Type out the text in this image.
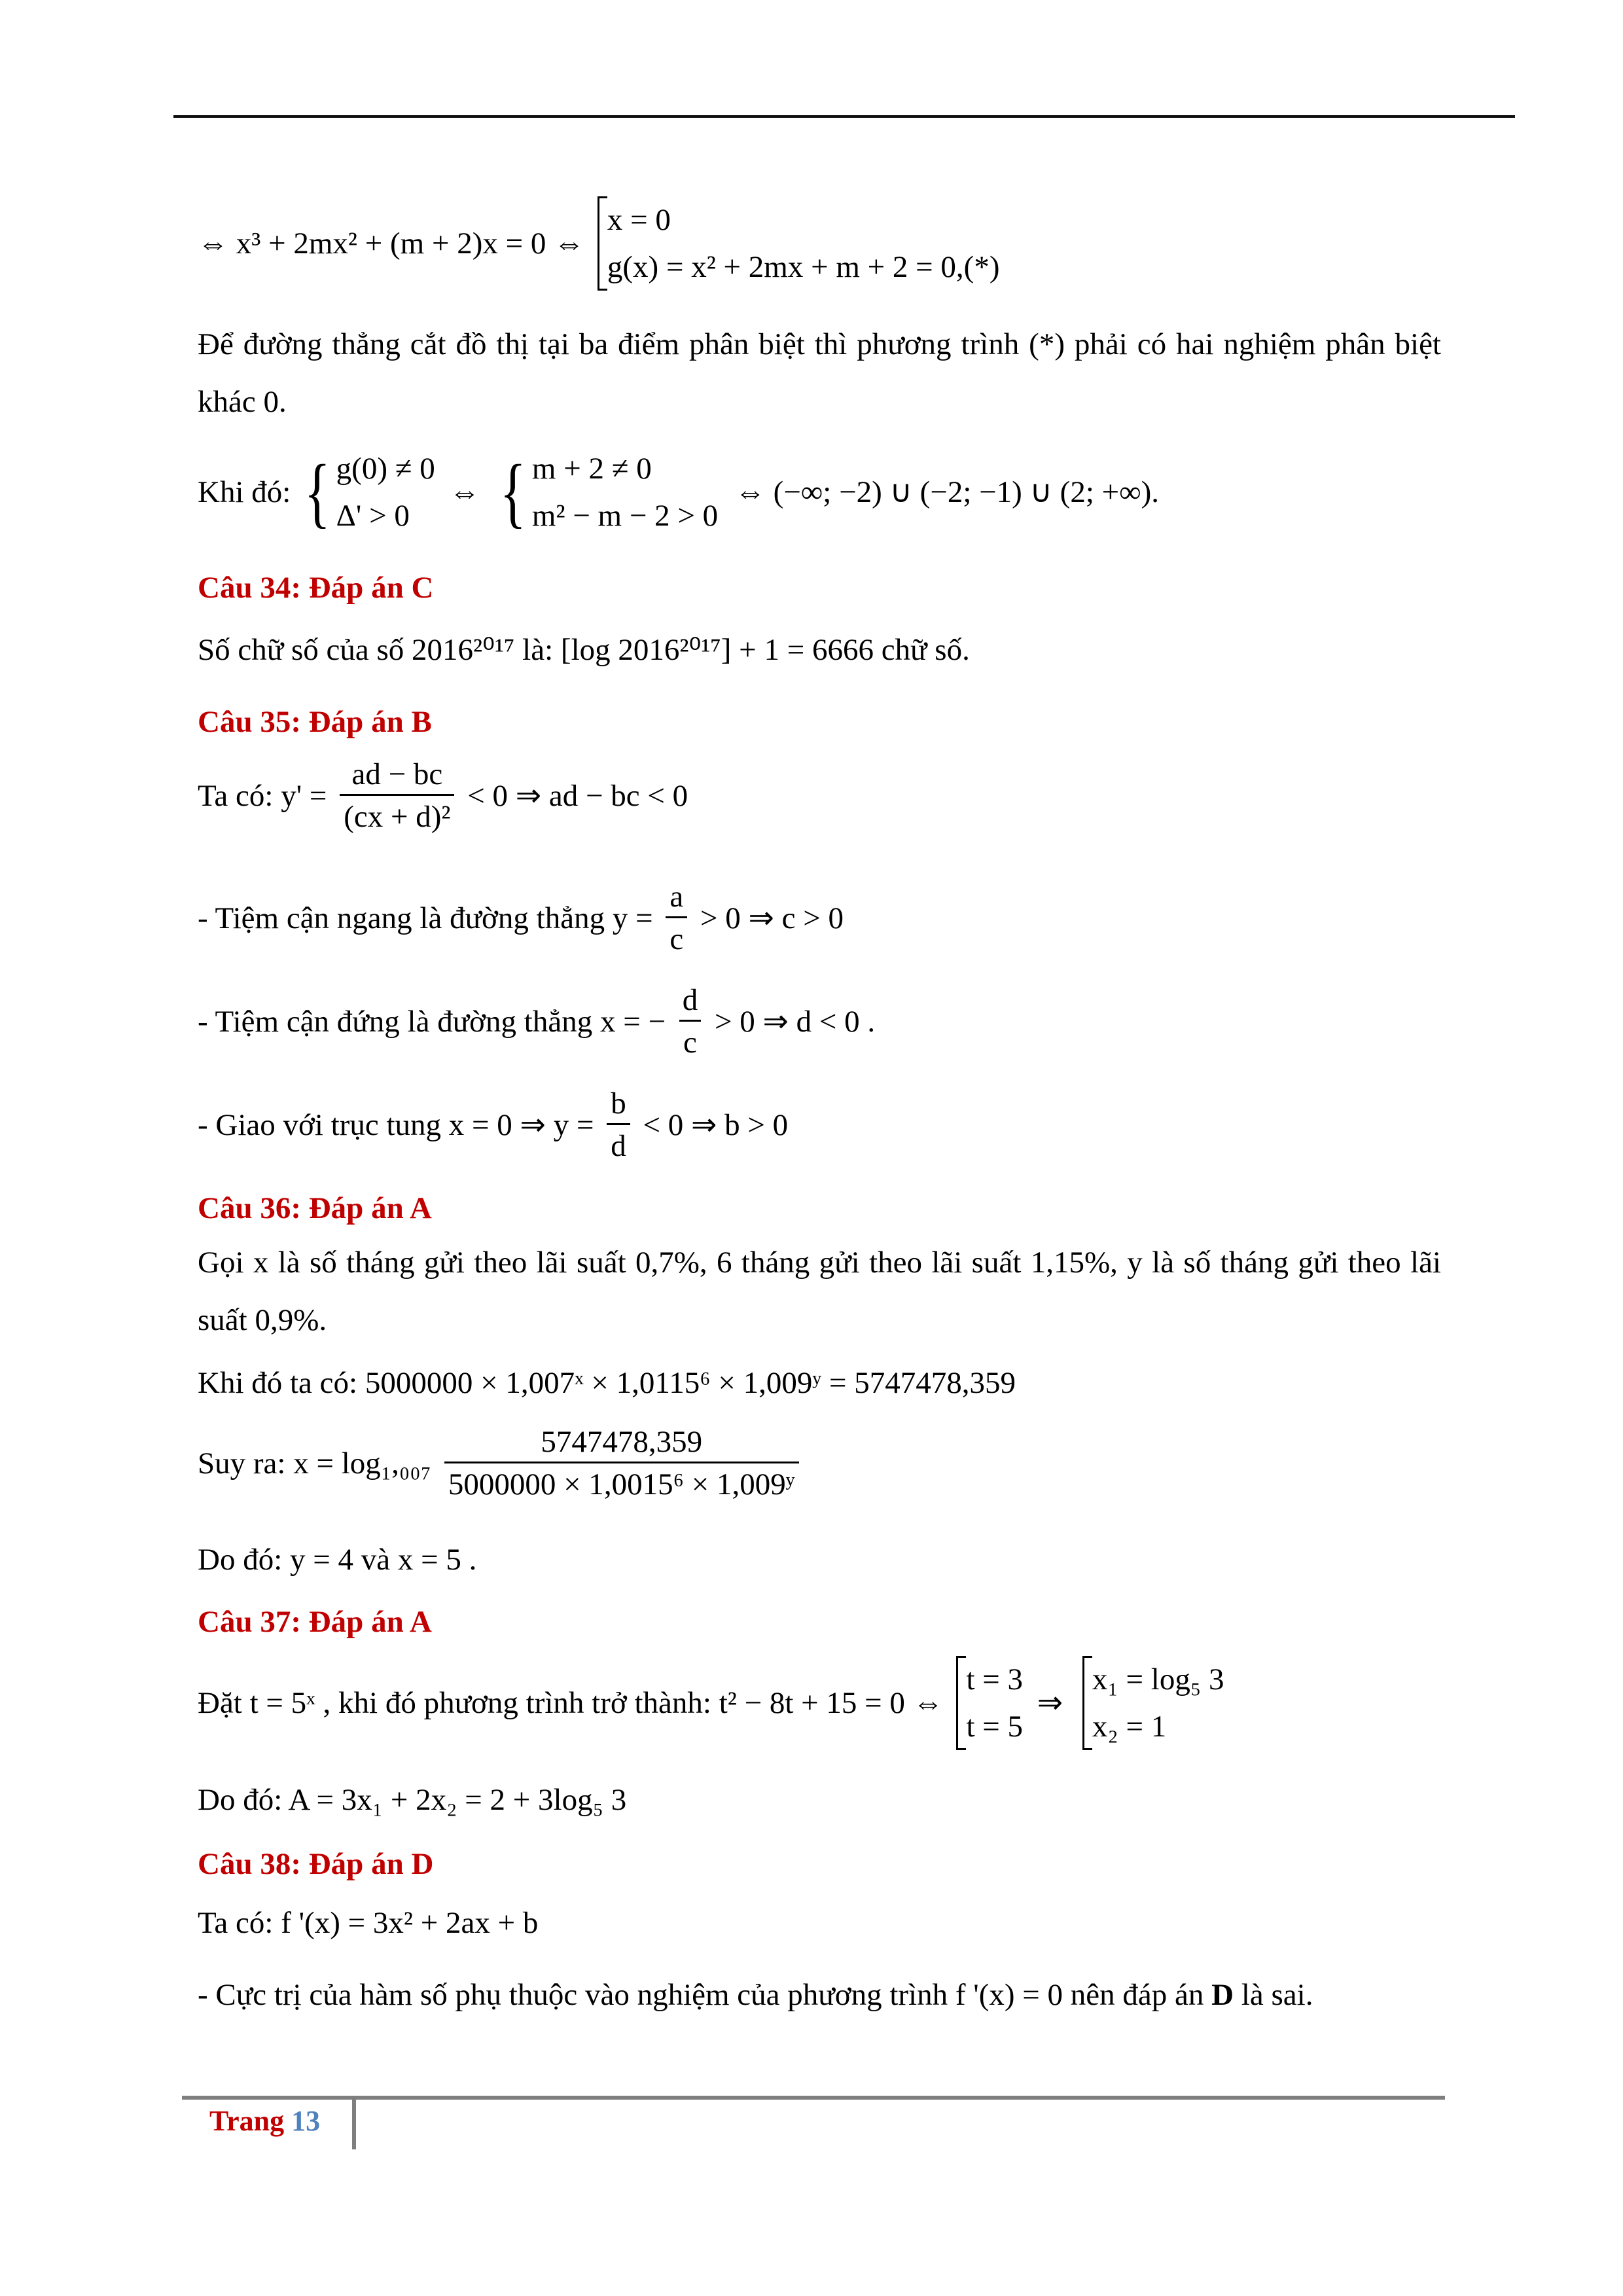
⇔ x³ + 2mx² + (m + 2)x = 0 ⇔
x = 0
g(x) = x² + 2mx + m + 2 = 0,(*)
Để đường thẳng cắt đồ thị tại ba điểm phân biệt thì phương trình (*) phải có hai nghiệm phân biệt khác 0.
Khi đó: { g(0) ≠ 0
Δ' > 0
⇔ { m + 2 ≠ 0
m² − m − 2 > 0
⇔ (−∞; −2) ∪ (−2; −1) ∪ (2; +∞).
Câu 34: Đáp án C
Số chữ số của số 2016²⁰¹⁷ là: [log 2016²⁰¹⁷] + 1 = 6666 chữ số.
Câu 35: Đáp án B
Ta có: $y' = \frac{ad - bc}{\text{(cx + d)²}} < 0$ ⇒ ad − bc < 0
- Tiệm cận ngang là đường thẳng $y = \frac{a}{c} > 0$ ⇒ c > 0
- Tiệm cận đứng là đường thẳng x = − $\frac{d}{c} > 0$ ⇒ d < 0 .
- Giao với trục tung x = 0 ⇒ $y = \frac{b}{d} < 0$ ⇒ b > 0
Câu 36: Đáp án A
Gọi x là số tháng gửi theo lãi suất 0,7%, 6 tháng gửi theo lãi suất 1,15%, y là số tháng gửi theo lãi suất 0,9%.
Khi đó ta có: 5000000 × 1,007ˣ × 1,0115⁶ × 1,009ʸ = 5747478,359
Suy ra: $x = \log_1,_{007} \frac{5747478,359}{\text{5000000 × 1,0015⁶ × 1,009ʸ}}$
Do đó: y = 4 và x = 5 .
Câu 37: Đáp án A
Đặt t = 5ˣ , khi đó phương trình trở thành: t² − 8t + 15 = 0 ⇔
t = 3
t = 5
⇒
x₁ = log₅ 3
x₂ = 1
Do đó: A = 3x₁ + 2x₂ = 2 + 3log₅ 3
Câu 38: Đáp án D
Ta có: f '(x) = 3x² + 2ax + b
- Cực trị của hàm số phụ thuộc vào nghiệm của phương trình f '(x) = 0 nên đáp án D là sai.
Trang 13
